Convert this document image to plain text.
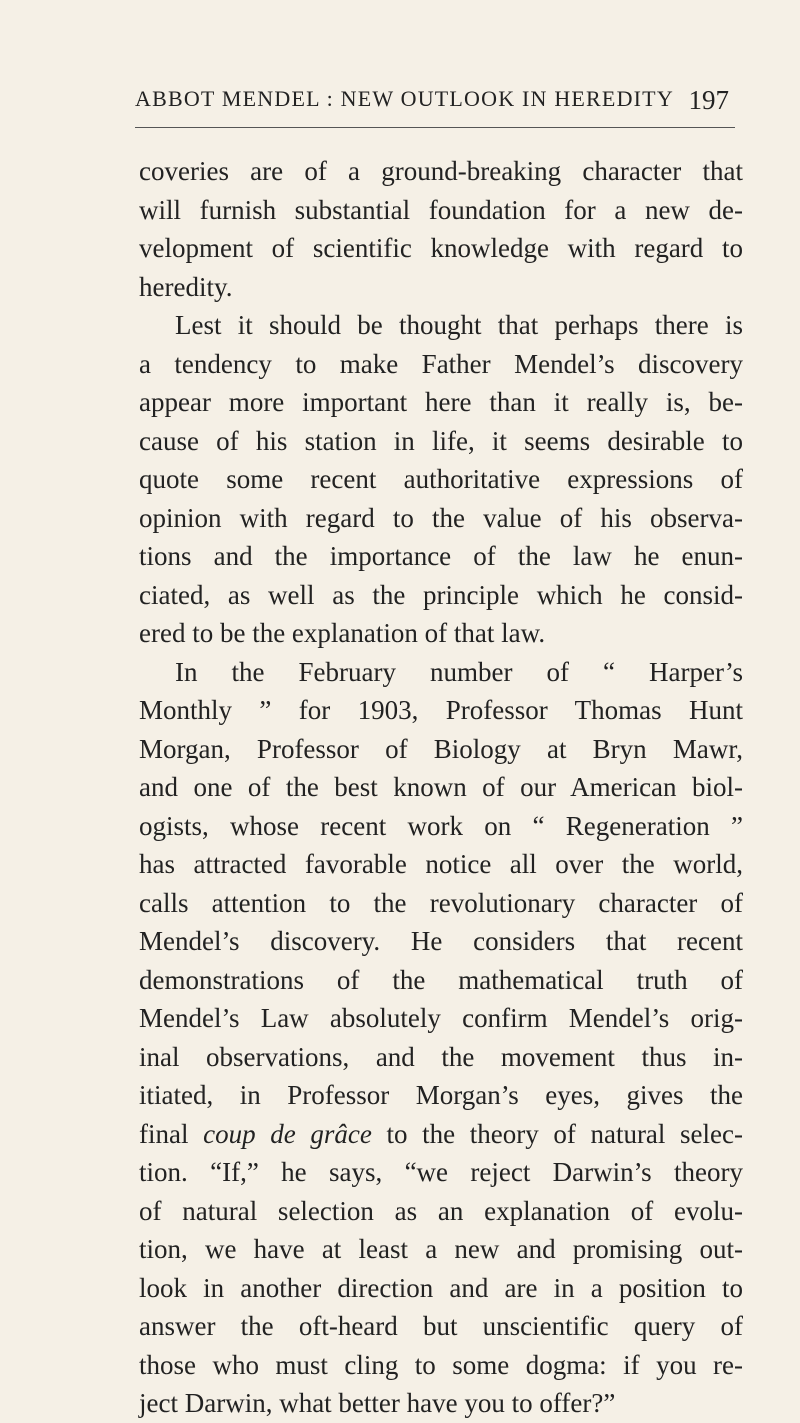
ABBOT MENDEL : NEW OUTLOOK IN HEREDITY 197
coveries are of a ground-breaking character that
will furnish substantial foundation for a new de-
velopment of scientific knowledge with regard to
heredity.
Lest it should be thought that perhaps there is
a tendency to make Father Mendel’s discovery
appear more important here than it really is, be-
cause of his station in life, it seems desirable to
quote some recent authoritative expressions of
opinion with regard to the value of his observa-
tions and the importance of the law he enun-
ciated, as well as the principle which he consid-
ered to be the explanation of that law.
In the February number of “ Harper’s
Monthly ” for 1903, Professor Thomas Hunt
Morgan, Professor of Biology at Bryn Mawr,
and one of the best known of our American biol-
ogists, whose recent work on “ Regeneration ”
has attracted favorable notice all over the world,
calls attention to the revolutionary character of
Mendel’s discovery. He considers that recent
demonstrations of the mathematical truth of
Mendel’s Law absolutely confirm Mendel’s orig-
inal observations, and the movement thus in-
itiated, in Professor Morgan’s eyes, gives the
final coup de grâce to the theory of natural selec-
tion. “If,” he says, “we reject Darwin’s theory
of natural selection as an explanation of evolu-
tion, we have at least a new and promising out-
look in another direction and are in a position to
answer the oft-heard but unscientific query of
those who must cling to some dogma: if you re-
ject Darwin, what better have you to offer?”
